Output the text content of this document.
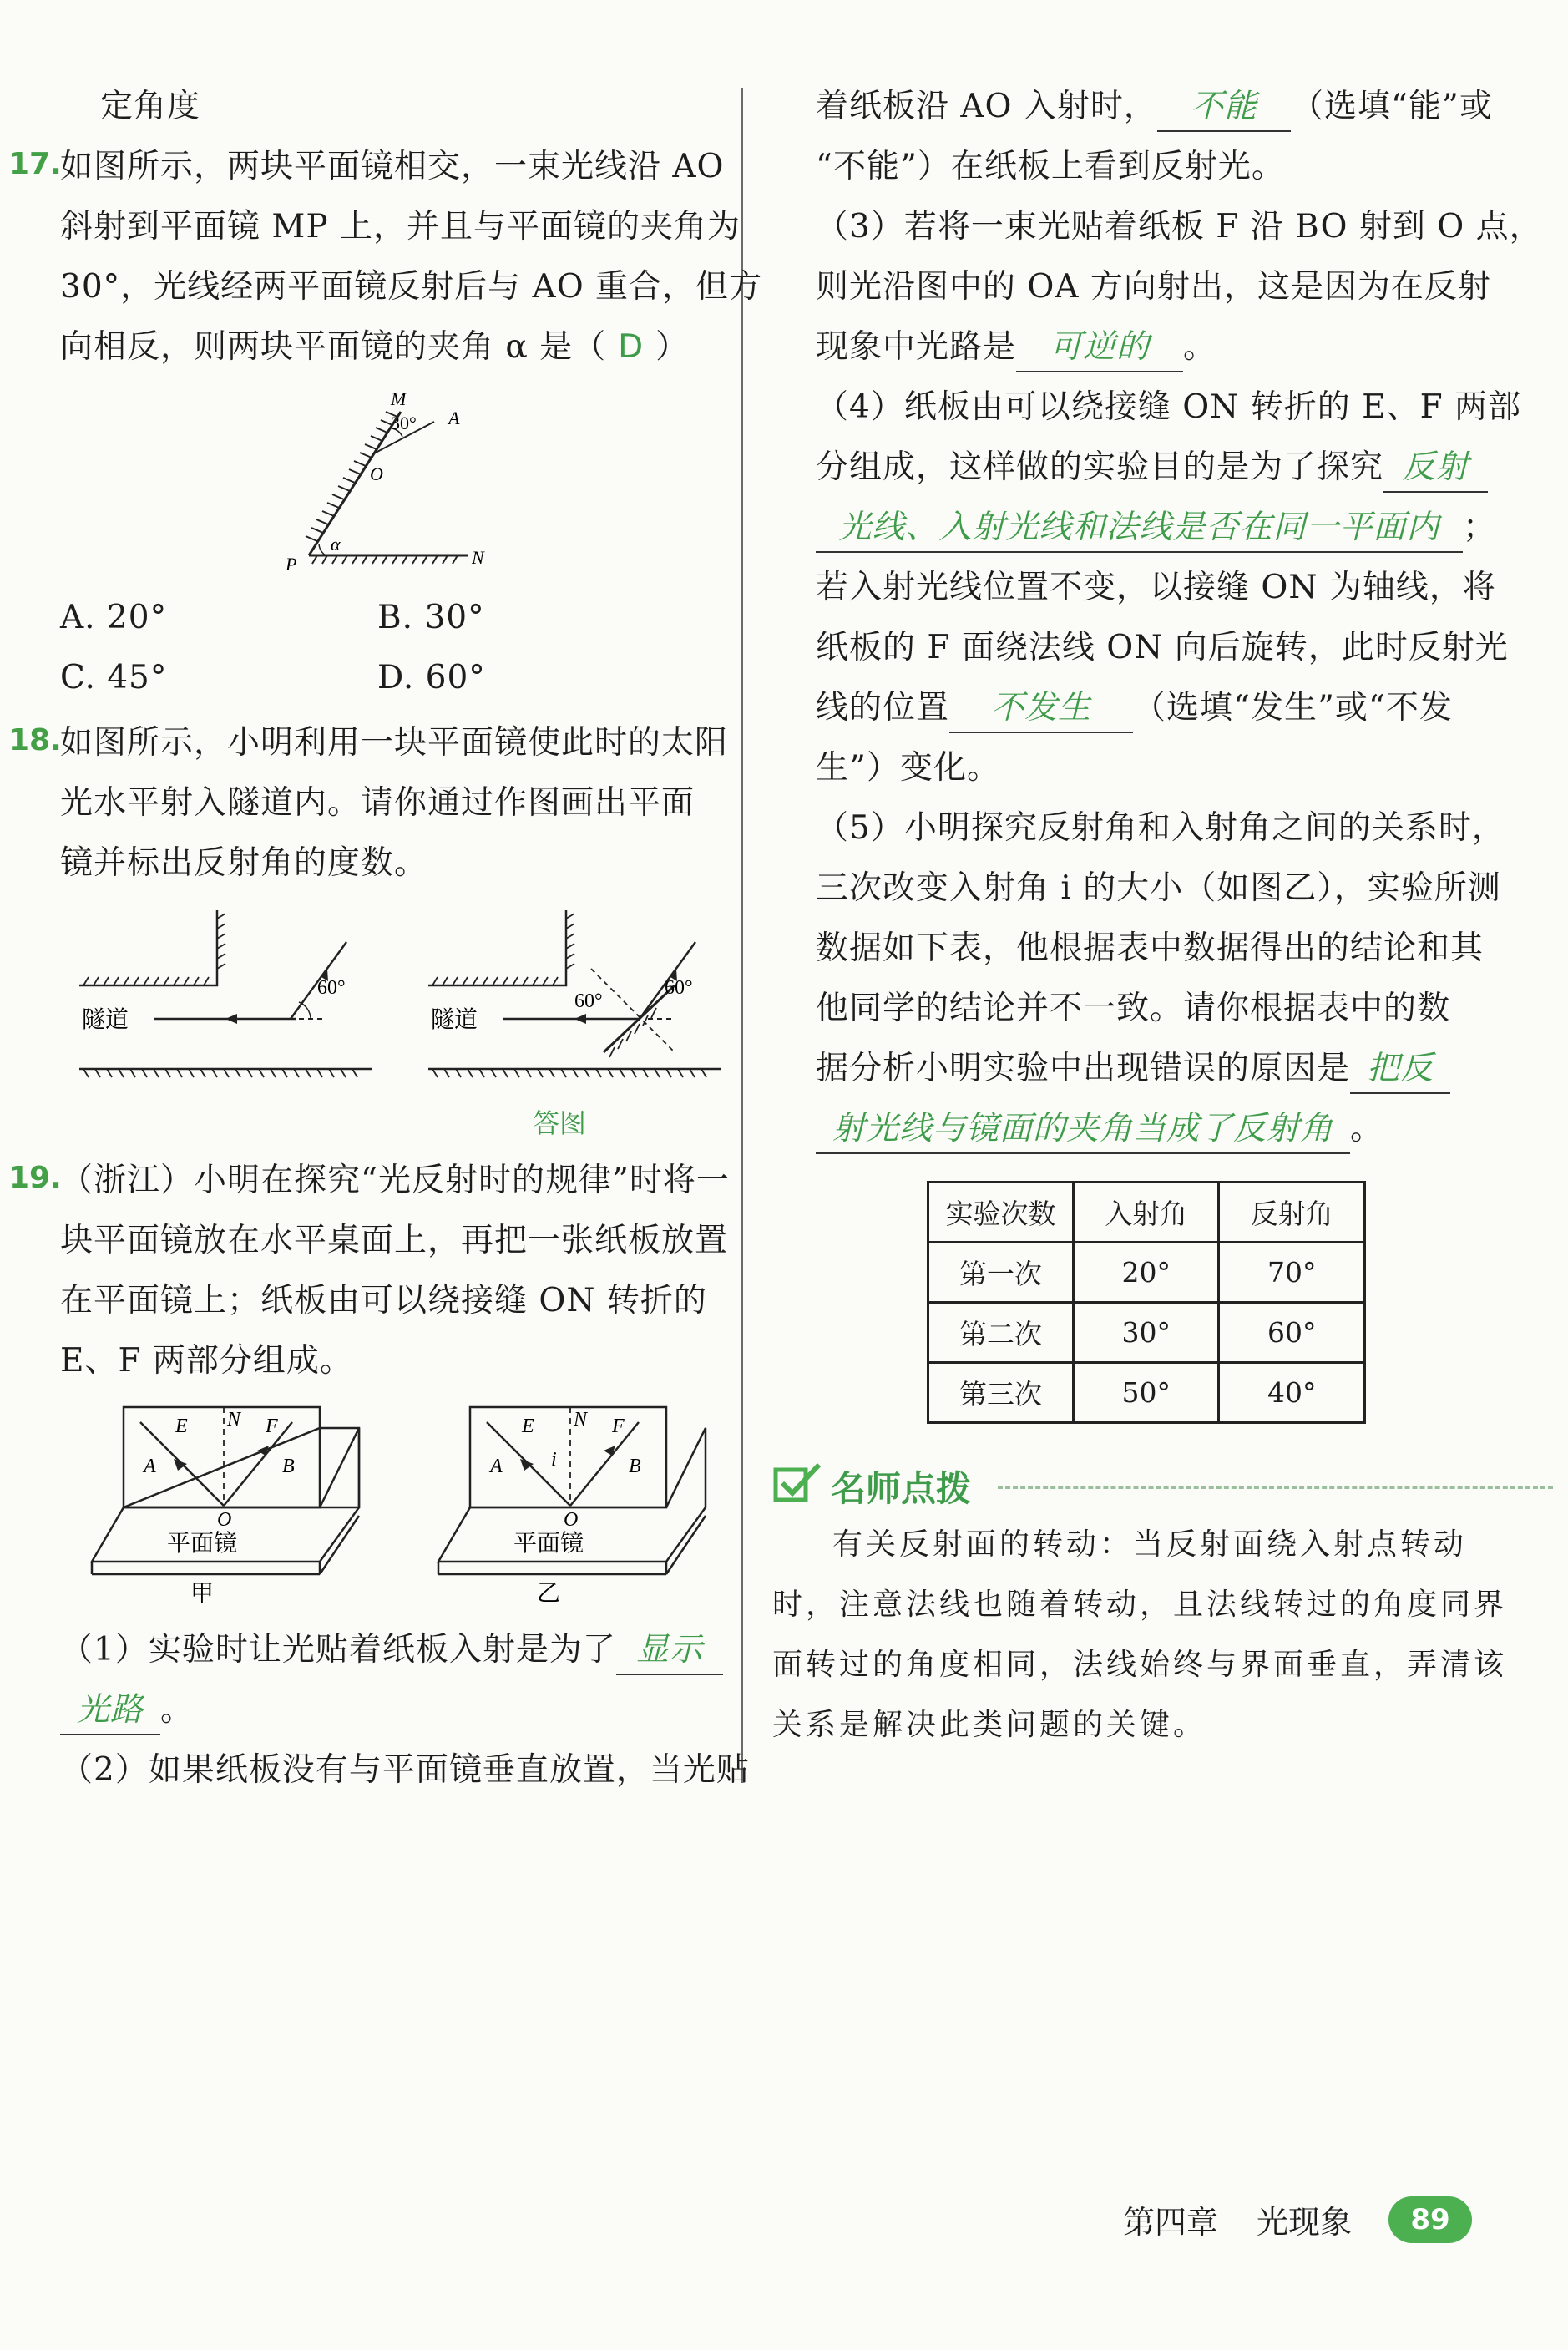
定角度
17.
如图所示，两块平面镜相交，一束光线沿 AO
斜射到平面镜 MP 上，并且与平面镜的夹角为
30°，光线经两平面镜反射后与 AO 重合，但方
向相反，则两块平面镜的夹角 α 是（ D ）
M
A
O
P	N
30°
α
A. 20°	B. 30°
C. 45°	D. 60°
18.
如图所示，小明利用一块平面镜使此时的太阳
光水平射入隧道内。请你通过作图画出平面
镜并标出反射角的度数。
60°
隧道
60°
60°
隧道
答图
19.
（浙江）小明在探究“光反射时的规律”时将一
块平面镜放在水平桌面上，再把一张纸板放置
在平面镜上；纸板由可以绕接缝 ON 转折的
E、F 两部分组成。
E N F
A	B
O
平面镜
甲
E N F
i
A	B
O
平面镜
乙
（1）实验时让光贴着纸板入射是为了 显示
光路 。
（2）如果纸板没有与平面镜垂直放置，当光贴
着纸板沿 AO 入射时， 不能 （选填“能”或
“不能”）在纸板上看到反射光。
（3）若将一束光贴着纸板 F 沿 BO 射到 O 点，
则光沿图中的 OA 方向射出，这是因为在反射
现象中光路是 可逆的 。
（4）纸板由可以绕接缝 ON 转折的 E、F 两部
分组成，这样做的实验目的是为了探究 反射
光线、入射光线和法线是否在同一平面内 ；
若入射光线位置不变，以接缝 ON 为轴线，将
纸板的 F 面绕法线 ON 向后旋转，此时反射光
线的位置 不发生 （选填“发生”或“不发
生”）变化。
（5）小明探究反射角和入射角之间的关系时，
三次改变入射角 i 的大小（如图乙），实验所测
数据如下表，他根据表中数据得出的结论和其
他同学的结论并不一致。请你根据表中的数
据分析小明实验中出现错误的原因是 把反
射光线与镜面的夹角当成了反射角 。
实验次数	入射角	反射角
第一次	20°	70°
第二次	30°	60°
第三次	50°	40°
名师点拨
有关反射面的转动：当反射面绕入射点转动
时，注意法线也随着转动，且法线转过的角度同界
面转过的角度相同，法线始终与界面垂直，弄清该
关系是解决此类问题的关键。
第四章 光现象	89
